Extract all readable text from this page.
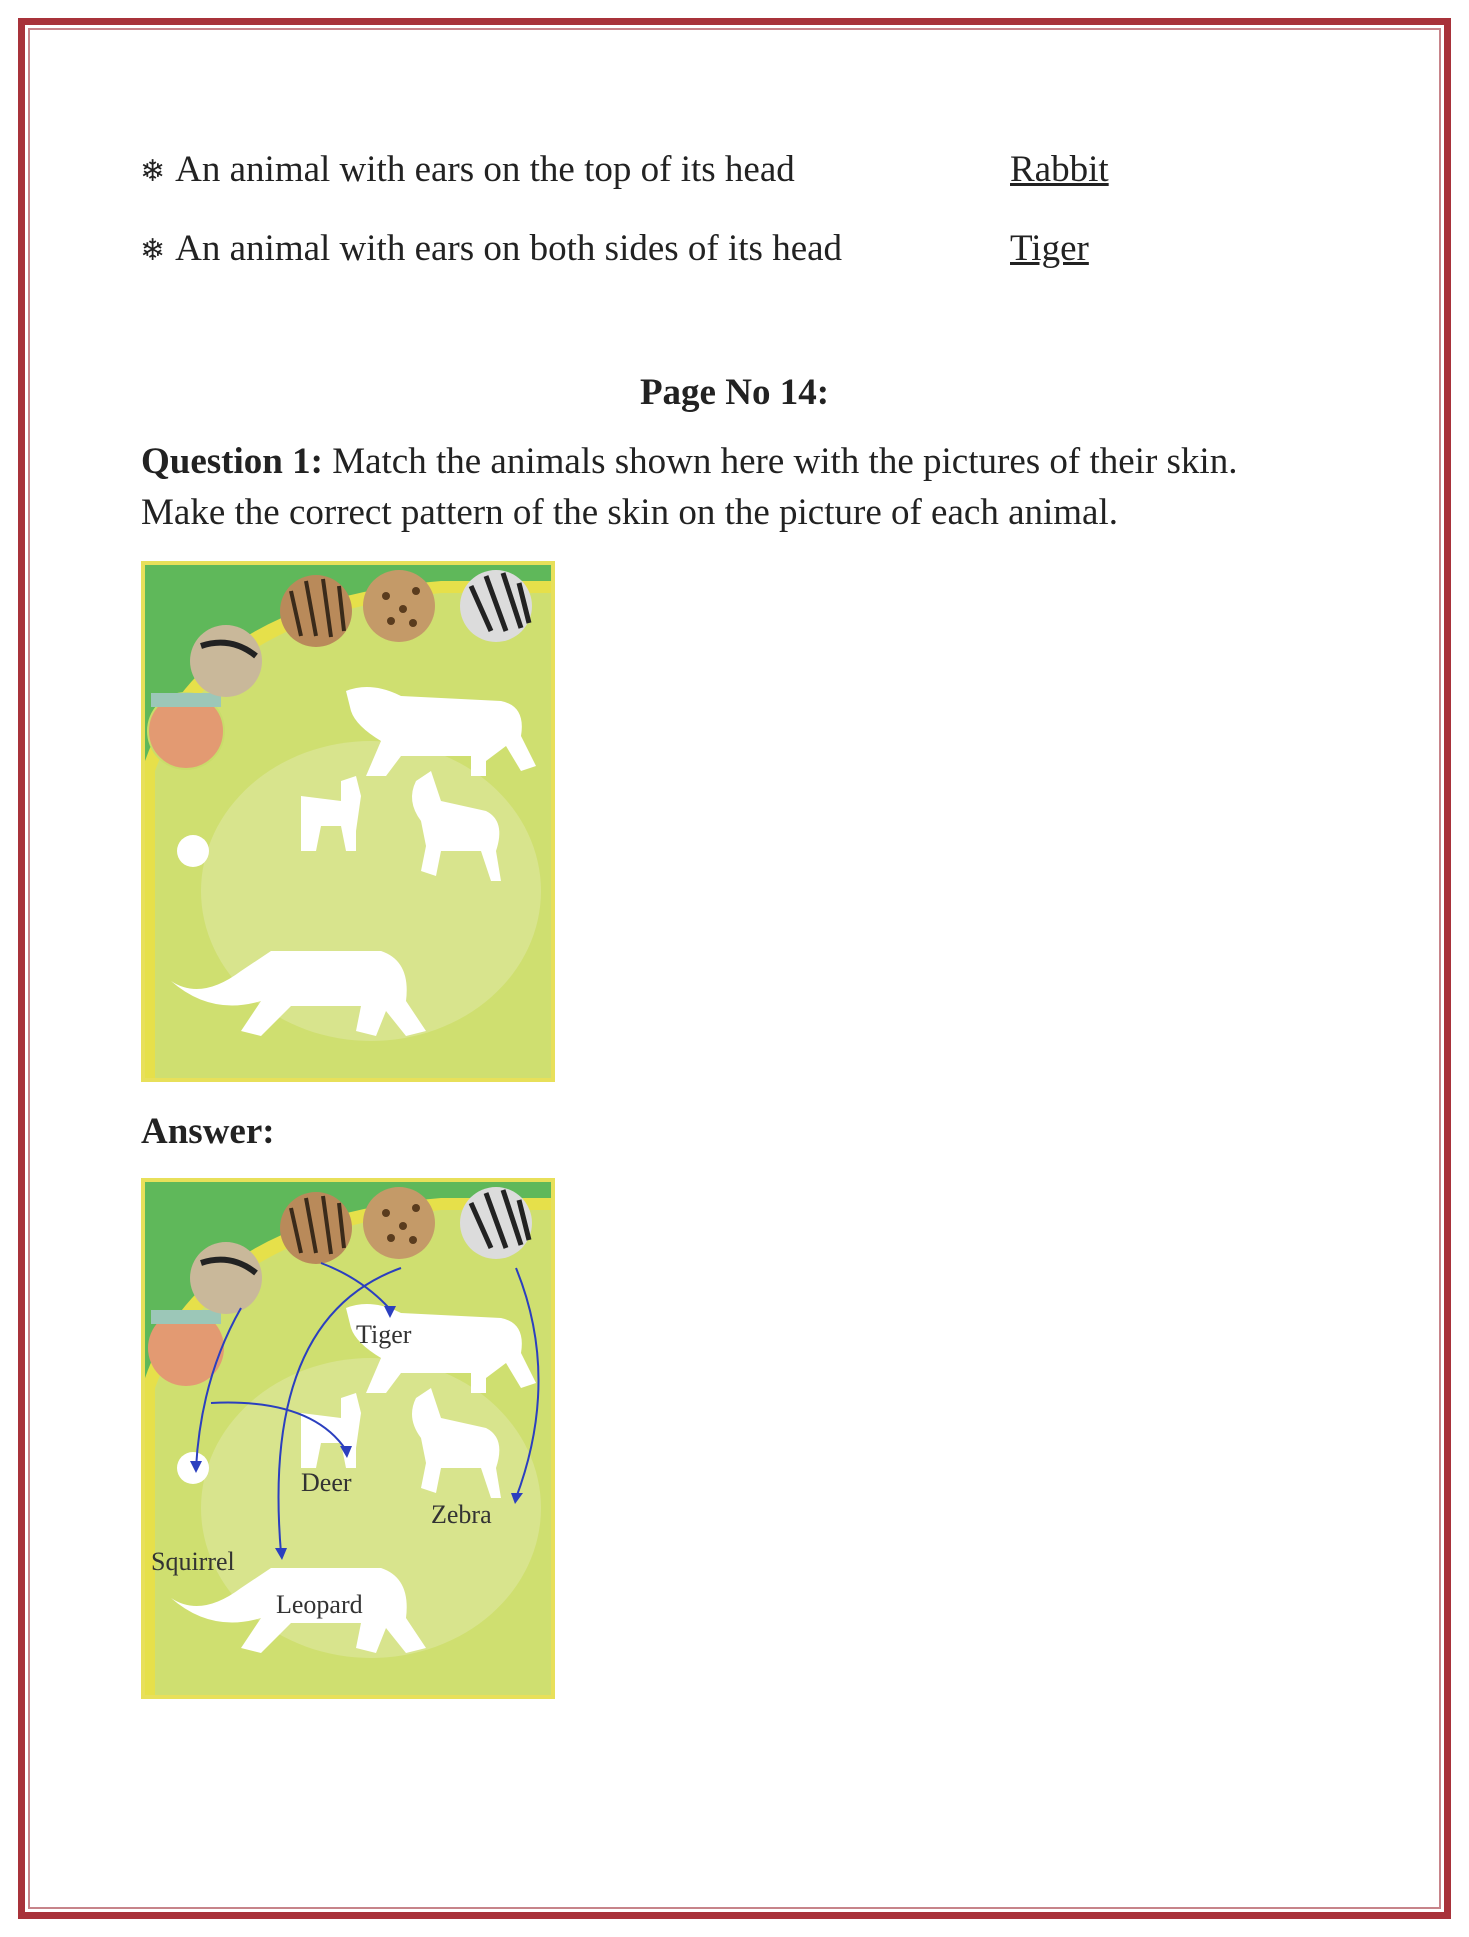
❄ An animal with ears on the top of its head	Rabbit
❄ An animal with ears on both sides of its head	Tiger
Page No 14:
Question 1: Match the animals shown here with the pictures of their skin.
Make the correct pattern of the skin on the picture of each animal.
Answer:
Tiger
Deer
Zebra
Squirrel
Leopard
